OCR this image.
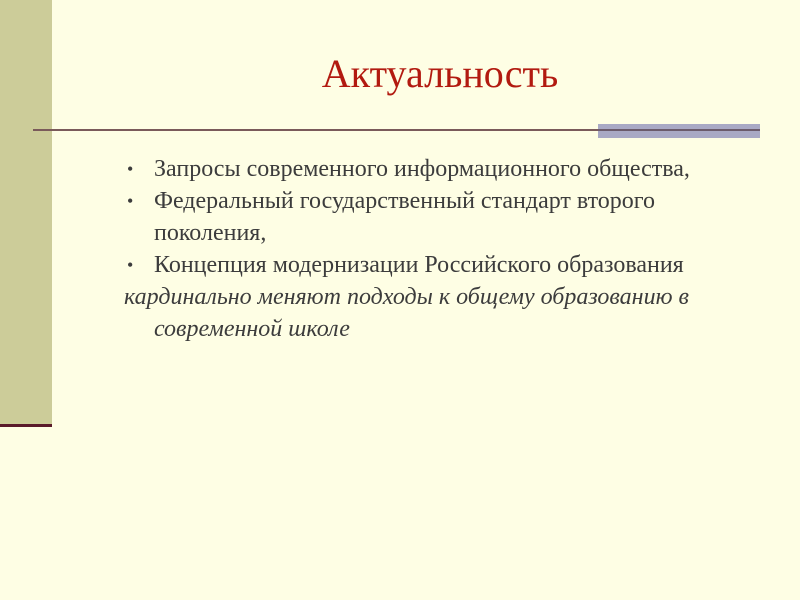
Актуальность
• Запросы современного информационного общества,
• Федеральный государственный стандарт второго поколения,
• Концепция модернизации Российского образования

кардинально меняют подходы к общему образованию в современной школе
